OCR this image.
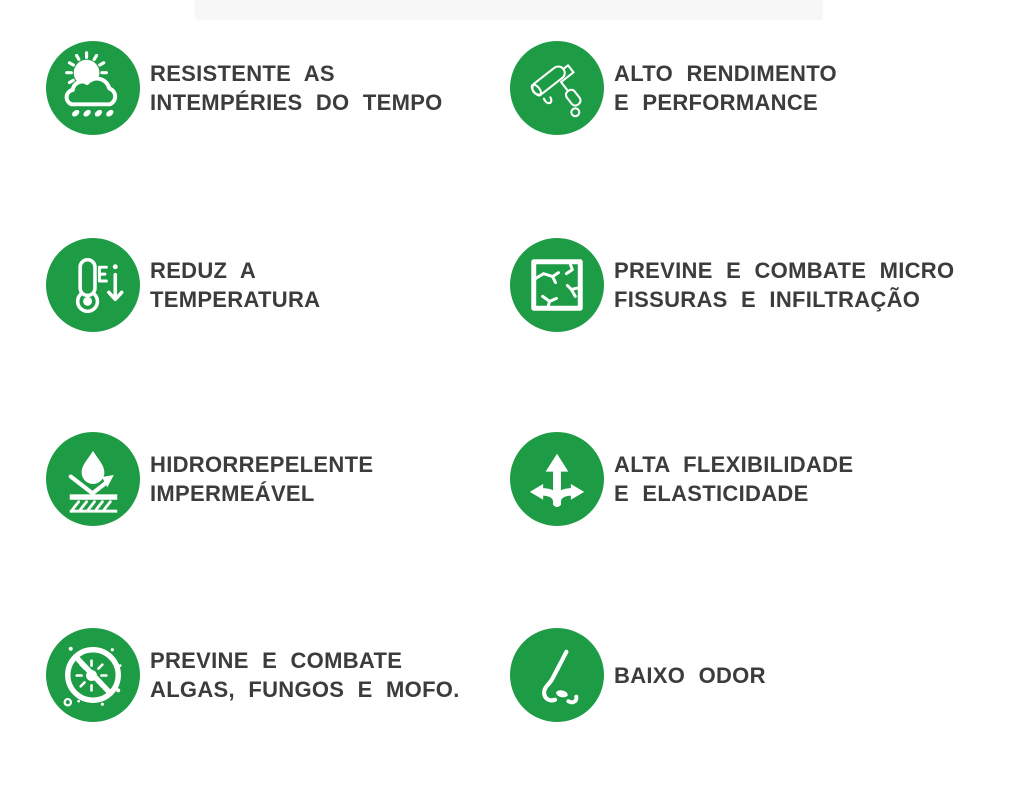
RESISTENTE AS
INTEMPÉRIES DO TEMPO
ALTO RENDIMENTO
E PERFORMANCE
REDUZ A
TEMPERATURA
PREVINE E COMBATE MICRO
FISSURAS E INFILTRAÇÃO
HIDRORREPELENTE
IMPERMEÁVEL
ALTA FLEXIBILIDADE
E ELASTICIDADE
PREVINE E COMBATE
ALGAS, FUNGOS E MOFO.
BAIXO ODOR
